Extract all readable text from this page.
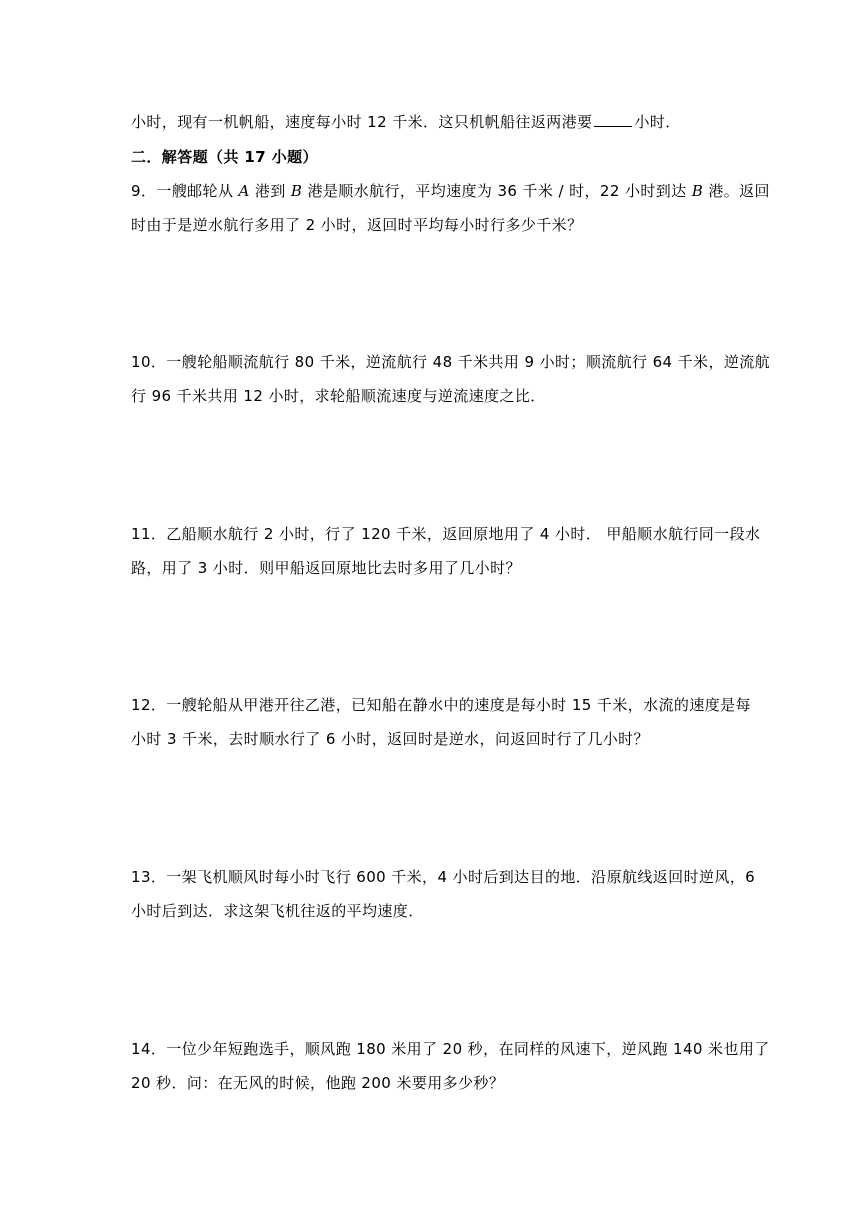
小时，现有一机帆船，速度每小时 12 千米．这只机帆船往返两港要	小时．
二．解答题（共 17 小题）
9．一艘邮轮从 A 港到 B 港是顺水航行，平均速度为 36 千米 / 时，22 小时到达 B 港。返回
时由于是逆水航行多用了 2 小时，返回时平均每小时行多少千米？
10．一艘轮船顺流航行 80 千米，逆流航行 48 千米共用 9 小时；顺流航行 64 千米，逆流航
行 96 千米共用 12 小时，求轮船顺流速度与逆流速度之比．
11．乙船顺水航行 2 小时，行了 120 千米，返回原地用了 4 小时． 甲船顺水航行同一段水
路，用了 3 小时．则甲船返回原地比去时多用了几小时？
12．一艘轮船从甲港开往乙港，已知船在静水中的速度是每小时 15 千米，水流的速度是每
小时 3 千米，去时顺水行了 6 小时，返回时是逆水，问返回时行了几小时？
13．一架飞机顺风时每小时飞行 600 千米，4 小时后到达目的地．沿原航线返回时逆风，6
小时后到达．求这架飞机往返的平均速度．
14．一位少年短跑选手，顺风跑 180 米用了 20 秒，在同样的风速下，逆风跑 140 米也用了
20 秒．问：在无风的时候，他跑 200 米要用多少秒？
